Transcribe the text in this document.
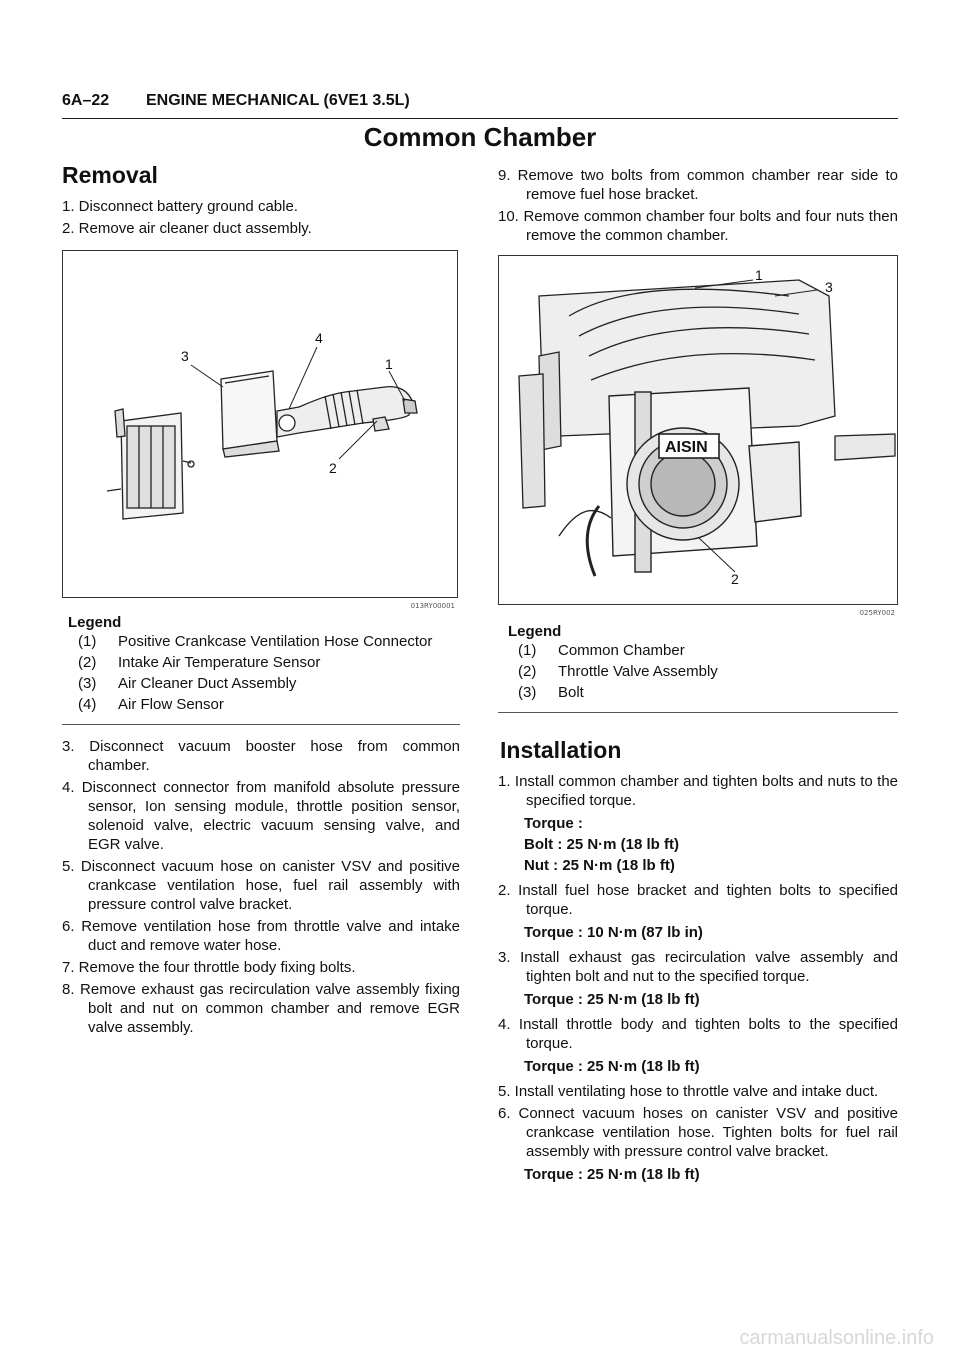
6A–22 ENGINE MECHANICAL (6VE1 3.5L)
Common Chamber
Removal

1. Disconnect battery ground cable.

2. Remove air cleaner duct assembly.

3
4
1
2
013RY00001
Legend
(1) Positive Crankcase Ventilation Hose Connector
(2) Intake Air Temperature Sensor
(3) Air Cleaner Duct Assembly
(4) Air Flow Sensor

3. Disconnect vacuum booster hose from common chamber.

4. Disconnect connector from manifold absolute pressure sensor, Ion sensing module, throttle position sensor, solenoid valve, electric vacuum sensing valve, and EGR valve.

5. Disconnect vacuum hose on canister VSV and positive crankcase ventilation hose, fuel rail assembly with pressure control valve bracket.

6. Remove ventilation hose from throttle valve and intake duct and remove water hose.

7. Remove the four throttle body fixing bolts.

8. Remove exhaust gas recirculation valve assembly fixing bolt and nut on common chamber and remove EGR valve assembly.

9. Remove two bolts from common chamber rear side to remove fuel hose bracket.

10. Remove common chamber four bolts and four nuts then remove the common chamber.

AISIN
1
3
2
025RY002
Legend
(1) Common Chamber
(2) Throttle Valve Assembly
(3) Bolt
Installation

1. Install common chamber and tighten bolts and nuts to the specified torque.

Torque :
Bolt : 25 N·m (18 lb ft)
Nut : 25 N·m (18 lb ft)

2. Install fuel hose bracket and tighten bolts to specified torque.

Torque : 10 N·m (87 lb in)

3. Install exhaust gas recirculation valve assembly and tighten bolt and nut to the specified torque.

Torque : 25 N·m (18 lb ft)

4. Install throttle body and tighten bolts to the specified torque.

Torque : 25 N·m (18 lb ft)

5. Install ventilating hose to throttle valve and intake duct.

6. Connect vacuum hoses on canister VSV and positive crankcase ventilation hose. Tighten bolts for fuel rail assembly with pressure control valve bracket.

Torque : 25 N·m (18 lb ft)
carmanualsonline.info
